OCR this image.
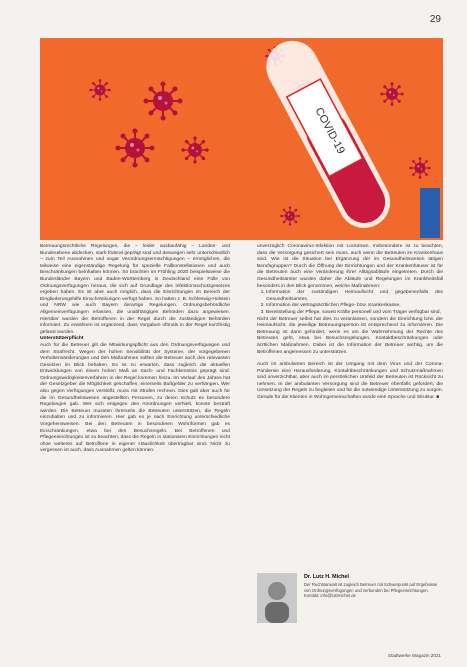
29
COVID-19

Betreuungsrechtliche Regelungen, die – leider ausbaufähig – Landes- und Bundesebene abdecken, stark föderal geprägt sind und deswegen sehr unterschiedlich – zum Teil Ausnahmen und sogar Verordnungsermächtigungen – ermöglichen, die teilweise eine eigenständige Regelung für spezielle Fallkonstellationen und auch Beschränkungen beinhalten können. So brachten im Frühling 2020 beispielsweise die Bundesländer Bayern und Baden-Württemberg in Deutschland eine Fülle von Ordnungsverfügungen heraus, die sich auf Grundlage des Infektionsschutzgesetzes ergeben haben. Es ist aber auch möglich, dass die Einrichtungen im Bereich der Eingliederungshilfe Einschränkungen verfügt haben. So hatten z. B. Schleswig-Holstein und NRW wie auch Bayern derartige Regelungen. Ordnungsbehördliche Allgemeinverfügungen erlassen, die unabhängigen Behörden dazu angewiesen. Hierüber wurden die Betroffenen in der Regel durch die zuständigen Behörden informiert. Zu erwähnen ist ergänzend, dass Vorgaben oftmals in der Regel kurzfristig gefasst wurden.

Unterstützerpflicht

Auch für die Betreuer gilt die Mitwirkungspflicht aus den Ordnungsverfügungen und dem Strafrecht. Wegen der hohen Sensibilität der Systeme, der vorgegebenen Verhaltensänderungen und den Maßnahmen sollten die Betreuer auch den relevanten Gesetzen im Blick behalten. Es ist zu erwarten, dass zugleich die aktuellen Entwicklungen von einem hohen Maß an Sach- und Fachkenntnis geprägt sind. Ordnungswidrigkeitenverfahren in der Regel kommen hinzu. Im Verlauf des Jahres hat der Gesetzgeber die Möglichkeit geschaffen, einerseits Bußgelder zu verhängen. Wer also gegen Verfügungen verstößt, muss mit Strafen rechnen. Dies galt aber auch für die im Gesundheitswesen angestellten Personen, zu deren Schutz es besondere Regelungen gab. Wer sich entgegen den Anordnungen verhielt, konnte bestraft werden. Die Betreuer mussten ihrerseits die Betreuten unterstützen, die Regeln einzuhalten und zu informieren. Hier gab es je nach Einrichtung unterschiedliche Vorgehensweisen. Bei den Betreuten in besonderen Wohnformen gab es Einschränkungen, etwa bei den Besuchsregeln. Bei Betroffenen und Pflegeeinrichtungen ist zu beachten, dass die Regeln in stationären Einrichtungen nicht ohne weiteres auf Betroffene in eigener Häuslichkeit übertragbar sind. Nicht zu vergessen ist auch, dass Ausnahmen gelten können.

unverzüglich Coronavirus-Infektion mit Lockdown. Insbesondere ist zu beachten, dass die Versorgung gesichert sein muss, auch wenn die Betreuten im Krankenhaus sind. Wie ist die Situation bei Ergänzung der im Gesundheitswesen tätigen Berufsgruppen? Durch die Öffnung der Einrichtungen und der Krankenhäuser ist für die Betreuten auch eine Veränderung ihrer Alltagsabläufe eingetreten. Durch die Gesundheitsämter wurden daher die Abläufe und Regelungen im Krankheitsfall besonders in den Blick genommen, welche Maßnahmen:

1. Information der zuständigen Heimaufsicht und gegebenenfalls des Gesundheitsamtes,
2. Information der vertragsärztlichen Pflege- bzw. Krankenkasse,
3. Bereitstellung der Pflege, soweit Kräfte personell und vom Träger verfügbar sind,

Nicht der Betreuer selbst hat dies zu veranlassen, sondern die Einrichtung bzw. der Heimaufsicht, die jeweilige Betreuungsperson ist entsprechend zu informieren. Die Betreuung ist dann gefordert, wenn es um die Wahrnehmung der Rechte des Betreuten geht, etwa bei Besuchsregelungen, Kontaktbeschränkungen oder ärztlichen Maßnahmen. Dabei ist die Information der Betreuer wichtig, um die Betroffenen angemessen zu unterstützen.

Auch im ambulanten Bereich ist der Umgang mit dem Virus und der Corona-Pandemie eine Herausforderung. Kontaktbeschränkungen und Schutzmaßnahmen sind unverzichtbar, aber auch im persönlichen Umfeld der Betreuten ist Rücksicht zu nehmen. In der ambulanten Versorgung sind die Betreuer ebenfalls gefordert, die Umsetzung der Regeln zu begleiten und für die notwendige Unterstützung zu sorgen. Gerade für die Klienten in Wohngemeinschaften wurde eine Sprache und Struktur. ■

Dr. Lutz H. Michel
Der Rechtsanwalt ist zugleich Betreuer mit Schwerpunkt auf Ergebnisse von Ordnungsverfügungen und verbunden bei Pflegeeinrichtungen. Kontakt: info@lutzmichel.de
Stadtwerke Magazin 2021
